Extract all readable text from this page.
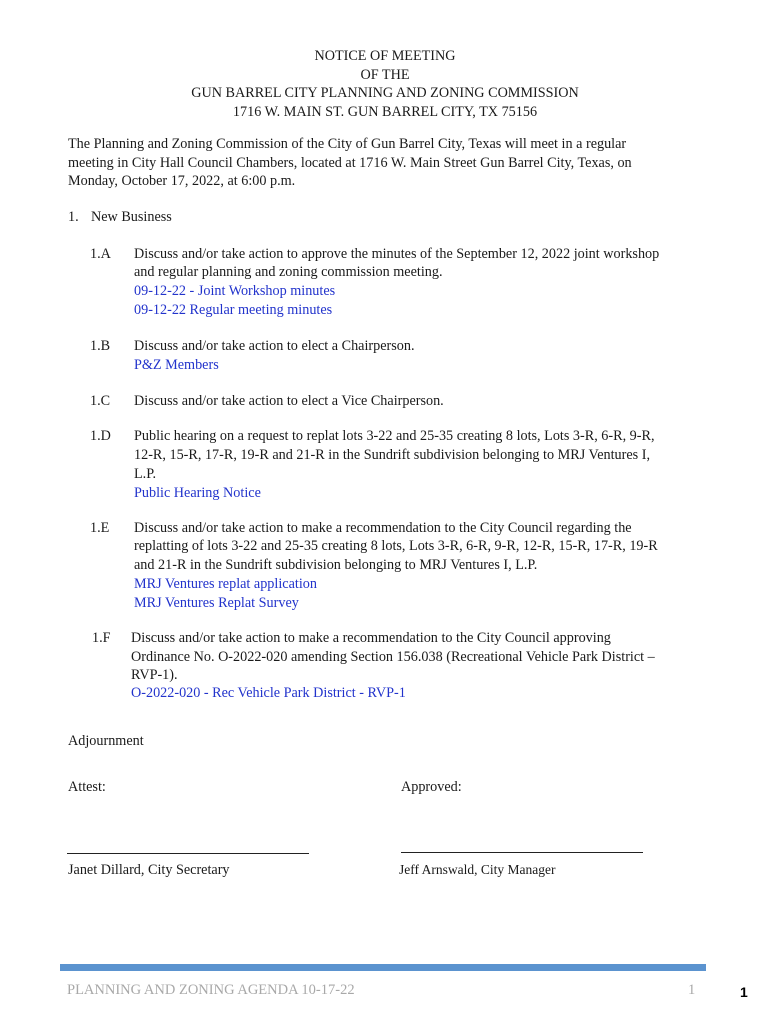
NOTICE OF MEETING
OF THE
GUN BARREL CITY PLANNING AND ZONING COMMISSION
1716 W. MAIN ST. GUN BARREL CITY, TX 75156
The Planning and Zoning Commission of the City of Gun Barrel City, Texas will meet in a regular
meeting in City Hall Council Chambers, located at 1716 W. Main Street Gun Barrel City, Texas, on
Monday, October 17, 2022, at 6:00 p.m.
1. New Business
1.A Discuss and/or take action to approve the minutes of the September 12, 2022 joint workshop
and regular planning and zoning commission meeting.
09-12-22 - Joint Workshop minutes
09-12-22 Regular meeting minutes
1.B Discuss and/or take action to elect a Chairperson.
P&Z Members
1.C Discuss and/or take action to elect a Vice Chairperson.
1.D Public hearing on a request to replat lots 3-22 and 25-35 creating 8 lots, Lots 3-R, 6-R, 9-R,
12-R, 15-R, 17-R, 19-R and 21-R in the Sundrift subdivision belonging to MRJ Ventures I,
L.P.
Public Hearing Notice
1.E Discuss and/or take action to make a recommendation to the City Council regarding the
replatting of lots 3-22 and 25-35 creating 8 lots, Lots 3-R, 6-R, 9-R, 12-R, 15-R, 17-R, 19-R
and 21-R in the Sundrift subdivision belonging to MRJ Ventures I, L.P.
MRJ Ventures replat application
MRJ Ventures Replat Survey
1.F Discuss and/or take action to make a recommendation to the City Council approving
Ordinance No. O-2022-020 amending Section 156.038 (Recreational Vehicle Park District –
RVP-1).
O-2022-020 - Rec Vehicle Park District - RVP-1
Adjournment
Attest:	Approved:
Janet Dillard, City Secretary	Jeff Arnswald, City Manager
PLANNING AND ZONING AGENDA 10-17-22	1	1
